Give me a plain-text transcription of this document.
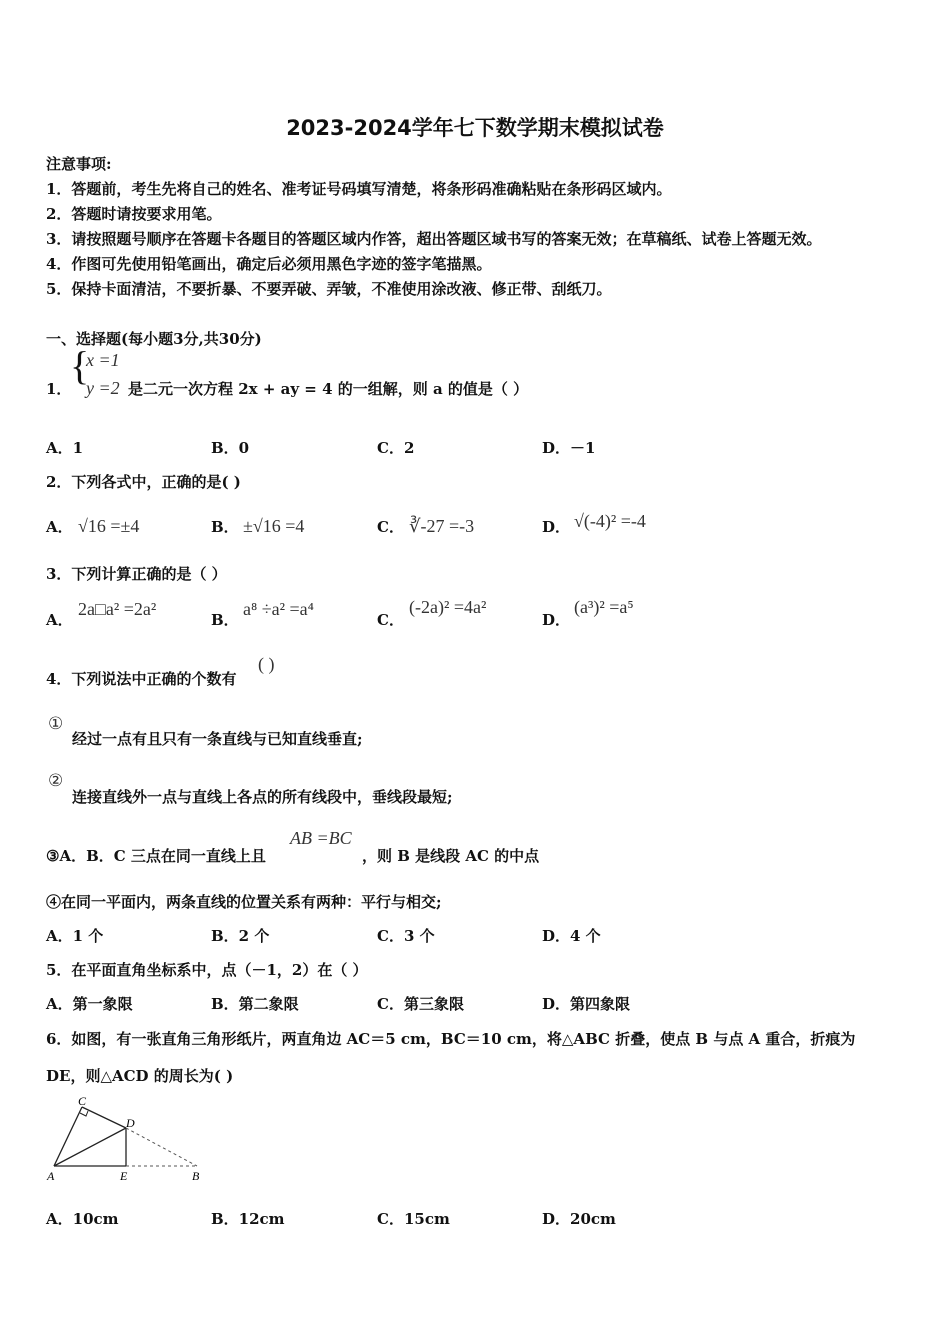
2023-2024学年七下数学期末模拟试卷
注意事项:
1．答题前，考生先将自己的姓名、准考证号码填写清楚，将条形码准确粘贴在条形码区域内。
2．答题时请按要求用笔。
3．请按照题号顺序在答题卡各题目的答题区域内作答，超出答题区域书写的答案无效；在草稿纸、试卷上答题无效。
4．作图可先使用铅笔画出，确定后必须用黑色字迹的签字笔描黑。
5．保持卡面清洁，不要折暴、不要弄破、弄皱，不准使用涂改液、修正带、刮纸刀。
一、选择题(每小题3分,共30分)
1．
{
x =1
y =2 是二元一次方程 2x + ay = 4 的一组解，则 a 的值是（ ）
A．1	B．0	C．2	D．－1
2．下列各式中，正确的是( )
A． √16 =±4	B． ±√16 =4	C． ∛-27 =-3	D． √(-4)² =-4
3．下列计算正确的是（ ）
A．
2a□a² =2a²
B．
a⁸ ÷a² =a⁴
C．
(-2a)² =4a²
D．
(a³)² =a⁵
4．下列说法中正确的个数有
( )
①
经过一点有且只有一条直线与已知直线垂直;
②
连接直线外一点与直线上各点的所有线段中，垂线段最短;
③A．B．C 三点在同一直线上且
AB =BC
，则 B 是线段 AC 的中点
④在同一平面内，两条直线的位置关系有两种：平行与相交;
A．1 个	B．2 个	C．3 个	D．4 个
5．在平面直角坐标系中，点（－1，2）在（ ）
A．第一象限	B．第二象限	C．第三象限	D．第四象限
6．如图，有一张直角三角形纸片，两直角边 AC＝5 cm，BC＝10 cm，将△ABC 折叠，使点 B 与点 A 重合，折痕为
DE，则△ACD 的周长为( )
C
D
A	E	B
A．10cm	B．12cm	C．15cm	D．20cm
